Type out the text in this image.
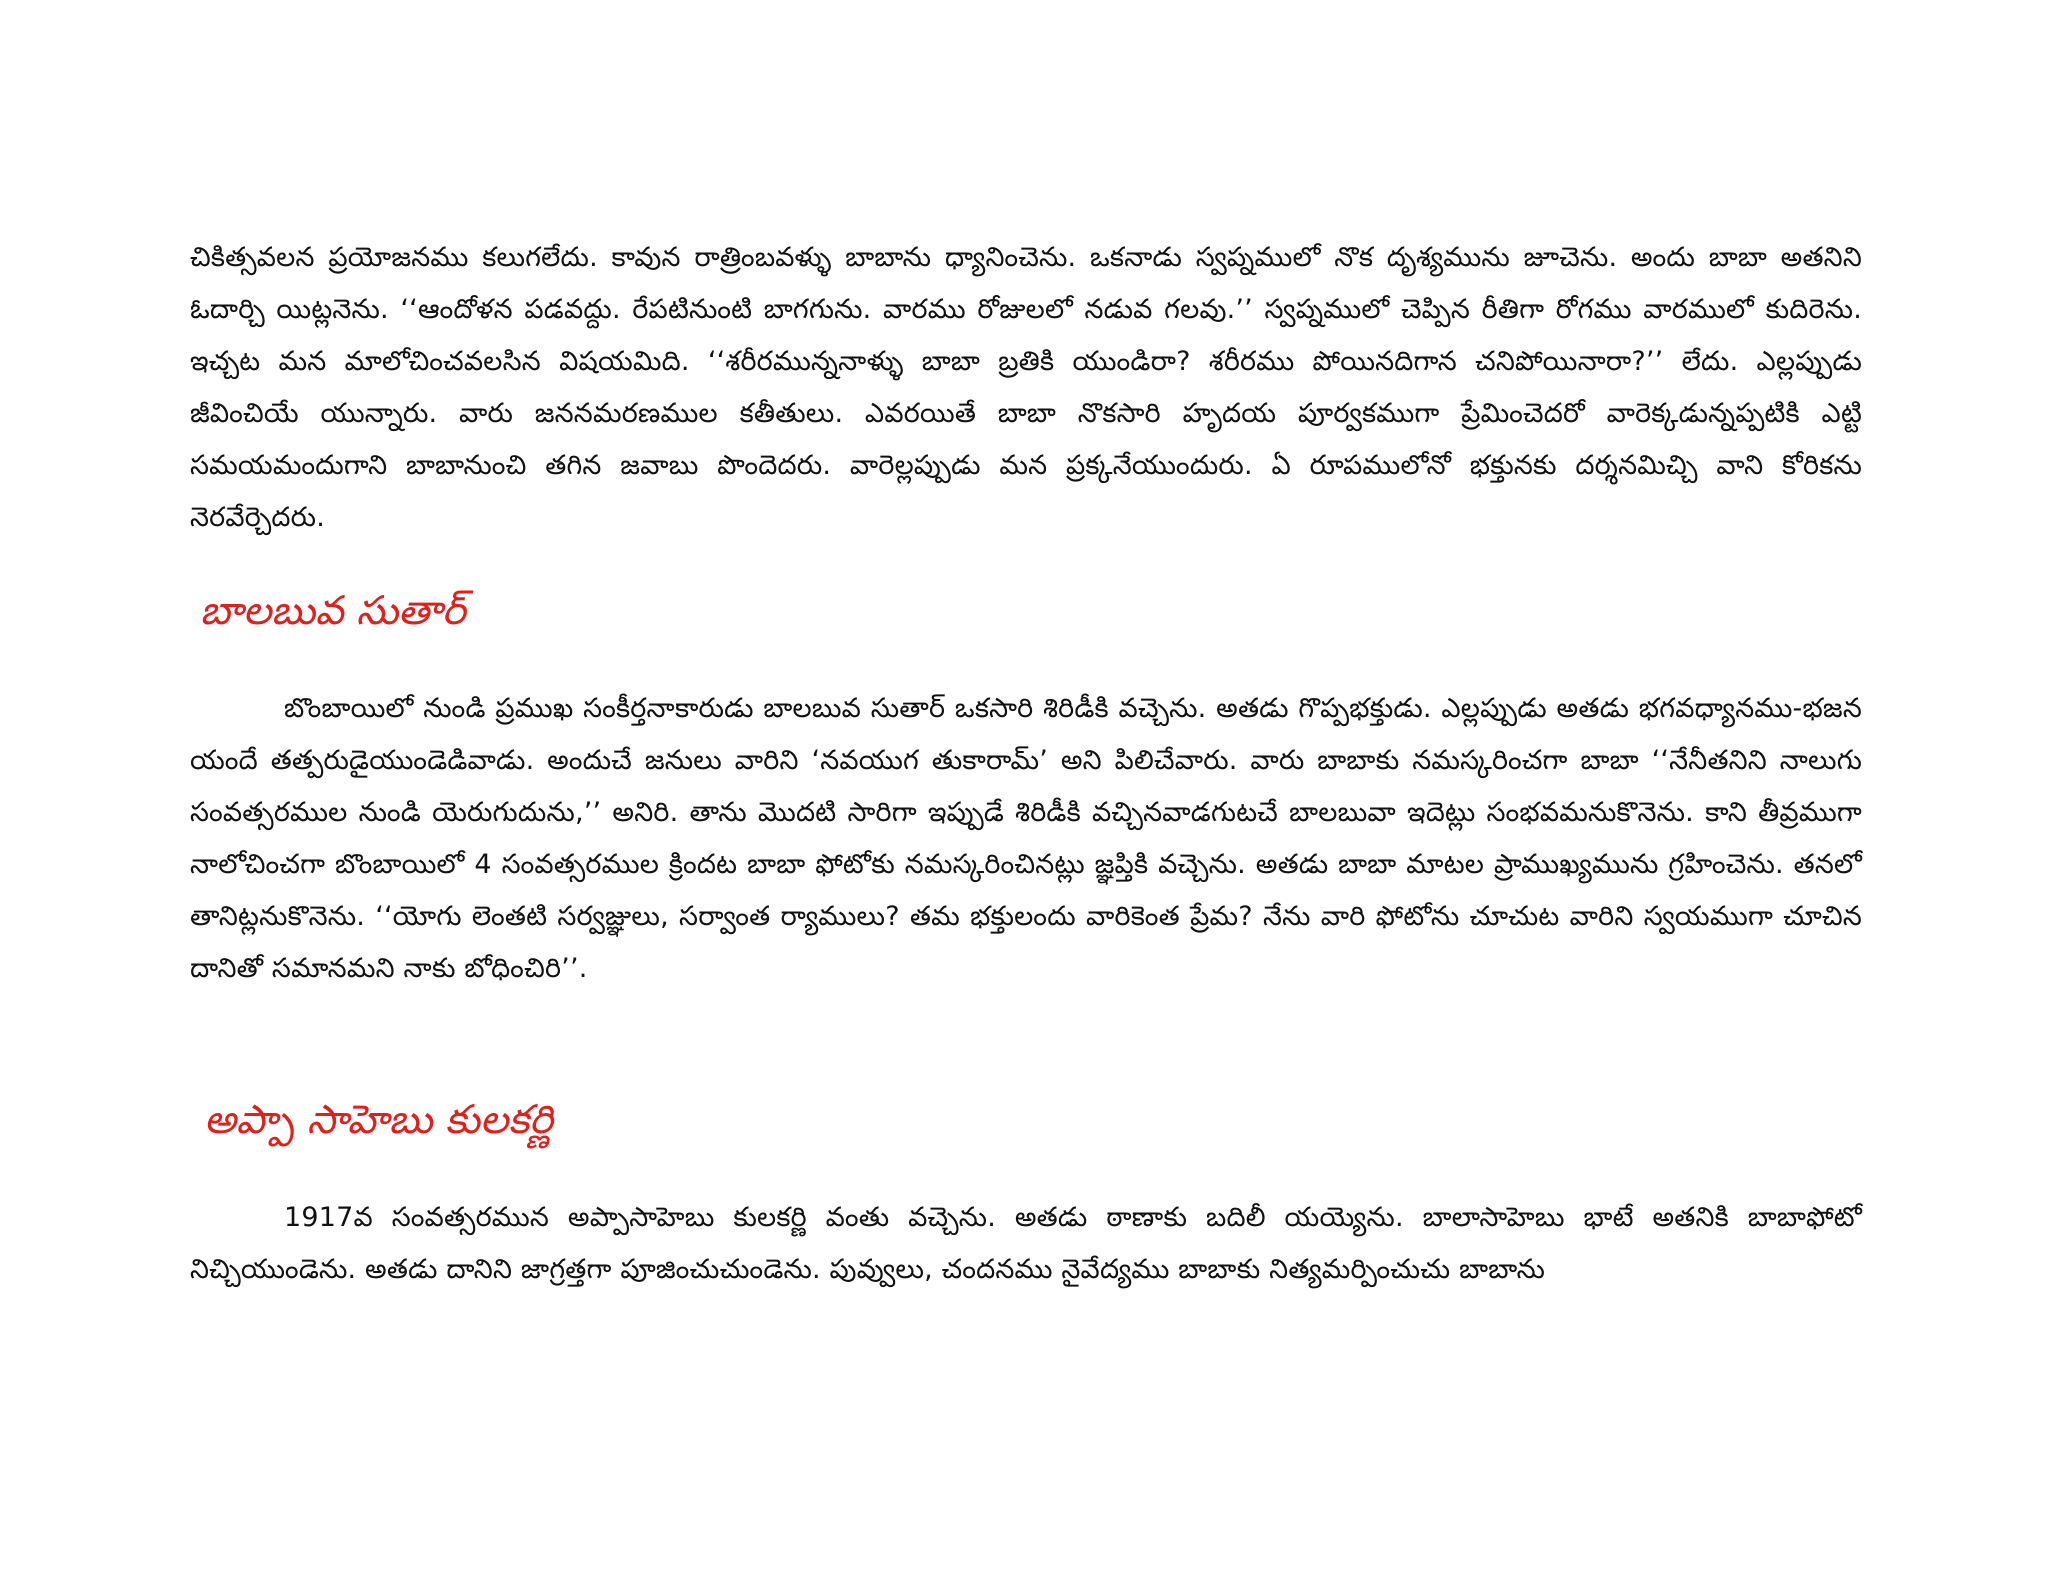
చికిత్సవలన ప్రయోజనము కలుగలేదు. కావున రాత్రింబవళ్ళు బాబాను ధ్యానించెను. ఒకనాడు స్వప్నములో నొక దృశ్యమును జూచెను. అందు బాబా అతనిని ఓదార్చి యిట్లనెను. ‘‘ఆందోళన పడవద్దు. రేపటినుంటి బాగగును. వారము రోజులలో నడువ గలవు.’’ స్వప్నములో చెప్పిన రీతిగా రోగము వారములో కుదిరెను. ఇచ్చట మన మాలోచించవలసిన విషయమిది. ‘‘శరీరమున్ననాళ్ళు బాబా బ్రతికి యుండిరా? శరీరము పోయినదిగాన చనిపోయినారా?’’ లేదు. ఎల్లప్పుడు జీవించియే యున్నారు. వారు జననమరణముల కతీతులు. ఎవరయితే బాబా నొకసారి హృదయ పూర్వకముగా ప్రేమించెదరో వారెక్కడున్నప్పటికి ఎట్టి సమయమందుగాని బాబానుంచి తగిన జవాబు పొందెదరు. వారెల్లప్పుడు మన ప్రక్కనేయుందురు. ఏ రూపములోనో భక్తునకు దర్శనమిచ్చి వాని కోరికను నెరవేర్చెదరు.

బాలబువ సుతార్

బొంబాయిలో నుండి ప్రముఖ సంకీర్తనాకారుడు బాలబువ సుతార్ ఒకసారి శిరిడీకి వచ్చెను. అతడు గొప్పభక్తుడు. ఎల్లప్పుడు అతడు భగవధ్యానము-భజన యందే తత్పరుడైయుండెడివాడు. అందుచే జనులు వారిని ‘నవయుగ తుకారామ్’ అని పిలిచేవారు. వారు బాబాకు నమస్కరించగా బాబా ‘‘నేనీతనిని నాలుగు సంవత్సరముల నుండి యెరుగుదును,’’ అనిరి. తాను మొదటి సారిగా ఇప్పుడే శిరిడీకి వచ్చినవాడగుటచే బాలబువా ఇదెట్లు సంభవమనుకొనెను. కాని తీవ్రముగా నాలోచించగా బొంబాయిలో 4 సంవత్సరముల క్రిందట బాబా ఫోటోకు నమస్కరించినట్లు జ్ఞప్తికి వచ్చెను. అతడు బాబా మాటల ప్రాముఖ్యమును గ్రహించెను. తనలో తానిట్లనుకొనెను. ‘‘యోగు లెంతటి సర్వజ్ఞులు, సర్వాంత ర్యాములు? తమ భక్తులందు వారికెంత ప్రేమ? నేను వారి ఫోటోను చూచుట వారిని స్వయముగా చూచిన దానితో సమానమని నాకు బోధించిరి’’.

అప్పా సాహెబు కులకర్ణి

1917వ సంవత్సరమున అప్పాసాహెబు కులకర్ణి వంతు వచ్చెను. అతడు ఠాణాకు బదిలీ యయ్యెను. బాలాసాహెబు భాటే అతనికి బాబాఫోటో నిచ్చియుండెను. అతడు దానిని జాగ్రత్తగా పూజించుచుండెను. పువ్వులు, చందనము నైవేద్యము బాబాకు నిత్యమర్పించుచు బాబాను
